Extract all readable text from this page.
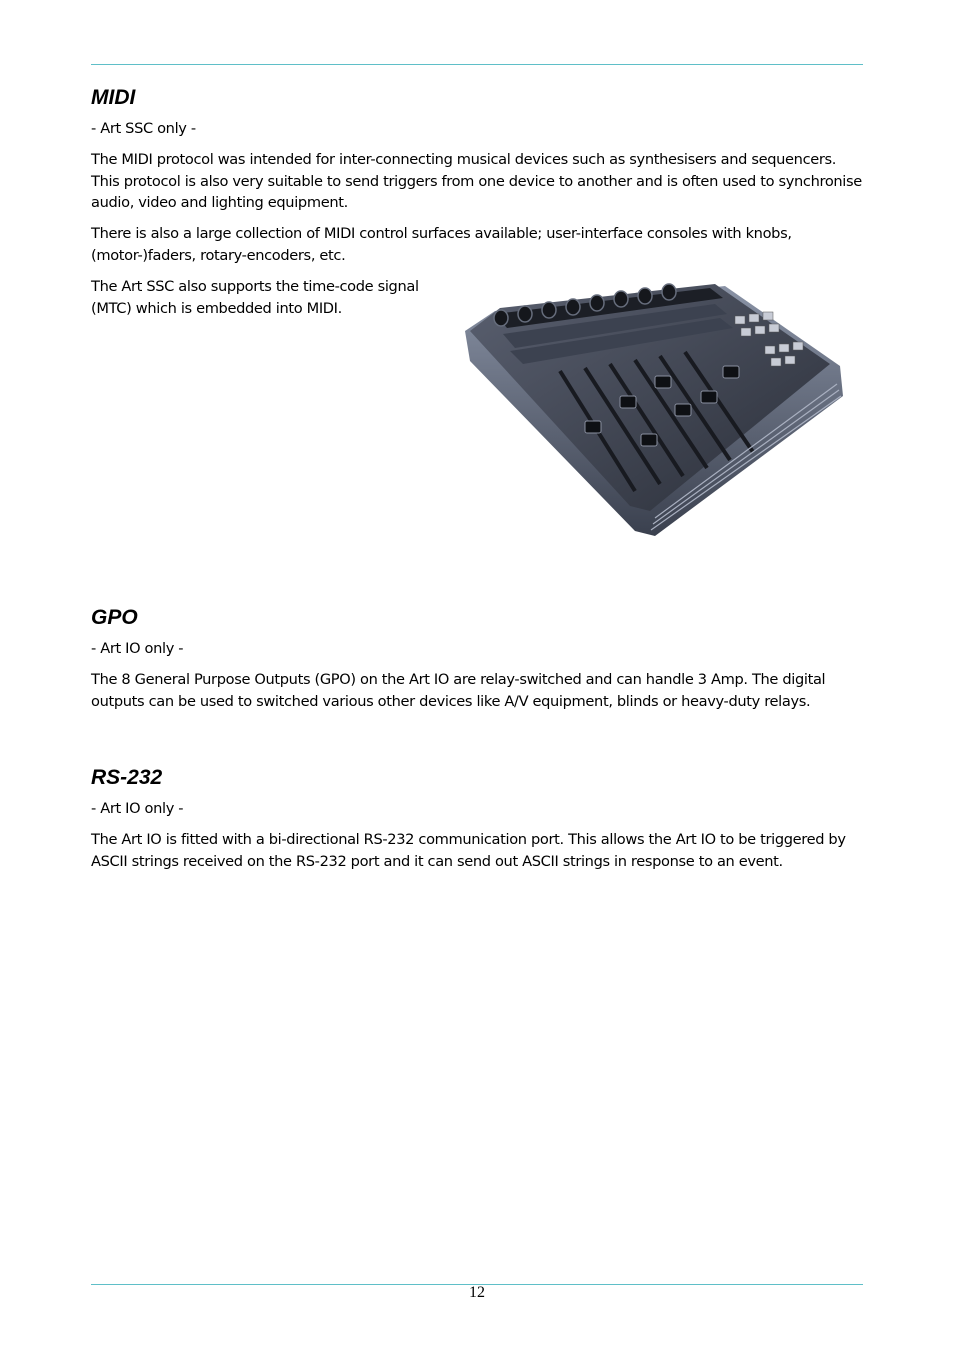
MIDI

- Art SSC only -

The MIDI protocol was intended for inter-connecting musical devices such as synthesisers and sequencers. This protocol is also very suitable to send triggers from one device to another and is often used to synchronise audio, video and lighting equipment.

There is also a large collection of MIDI control surfaces available; user-interface consoles with knobs, (motor-)faders, rotary-encoders, etc.

The Art SSC also supports the time-code signal (MTC) which is embedded into MIDI.

GPO

- Art IO only -

The 8 General Purpose Outputs (GPO) on the Art IO are relay-switched and can handle 3 Amp. The digital outputs can be used to switched various other devices like A/V equipment, blinds or heavy-duty relays.

RS-232

- Art IO only -

The Art IO is fitted with a bi-directional RS-232 communication port. This allows the Art IO to be triggered by ASCII strings received on the RS-232 port and it can send out ASCII strings in response to an event.

12
